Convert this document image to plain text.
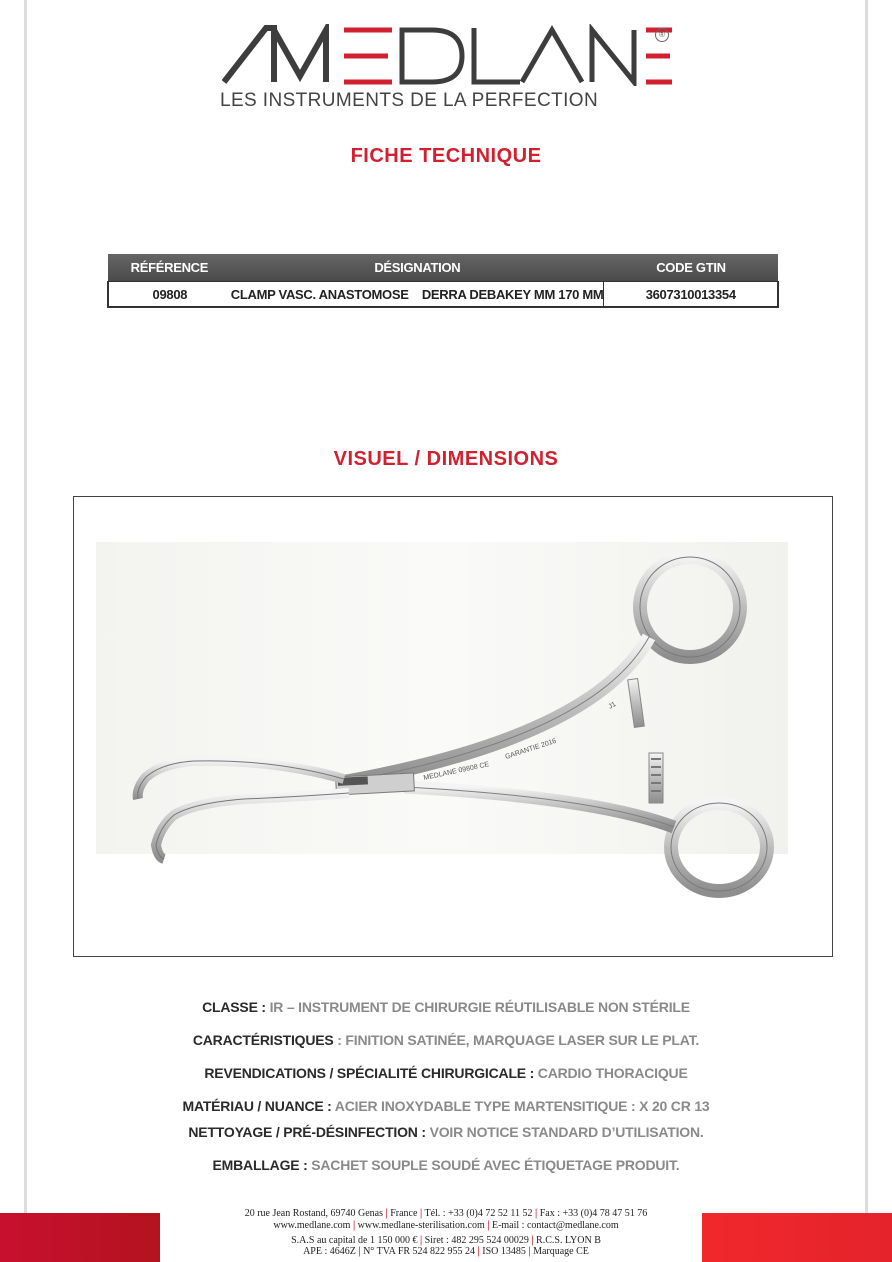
®
LES INSTRUMENTS DE LA PERFECTION
FICHE TECHNIQUE
RÉFÉRENCE	DÉSIGNATION	CODE GTIN
09808	CLAMP VASC. ANASTOMOSE    DERRA DEBAKEY MM 170 MM	3607310013354
VISUEL / DIMENSIONS
MEDLANE 09808 CE
GARANTIE 2016
J1
CLASSE : IR – INSTRUMENT DE CHIRURGIE RÉUTILISABLE NON STÉRILE
CARACTÉRISTIQUES : FINITION SATINÉE, MARQUAGE LASER SUR LE PLAT.
REVENDICATIONS / SPÉCIALITÉ CHIRURGICALE : CARDIO THORACIQUE
MATÉRIAU / NUANCE : ACIER INOXYDABLE TYPE MARTENSITIQUE : X 20 CR 13
NETTOYAGE / PRÉ-DÉSINFECTION : VOIR NOTICE STANDARD D’UTILISATION.
EMBALLAGE : SACHET SOUPLE SOUDÉ AVEC ÉTIQUETAGE PRODUIT.
20 rue Jean Rostand, 69740 Genas | France | Tél. : +33 (0)4 72 52 11 52 | Fax : +33 (0)4 78 47 51 76
www.medlane.com | www.medlane-sterilisation.com | E-mail : contact@medlane.com
S.A.S au capital de 1 150 000 € | Siret : 482 295 524 00029 | R.C.S. LYON B
APE : 4646Z | N° TVA FR 524 822 955 24 | ISO 13485 | Marquage CE
